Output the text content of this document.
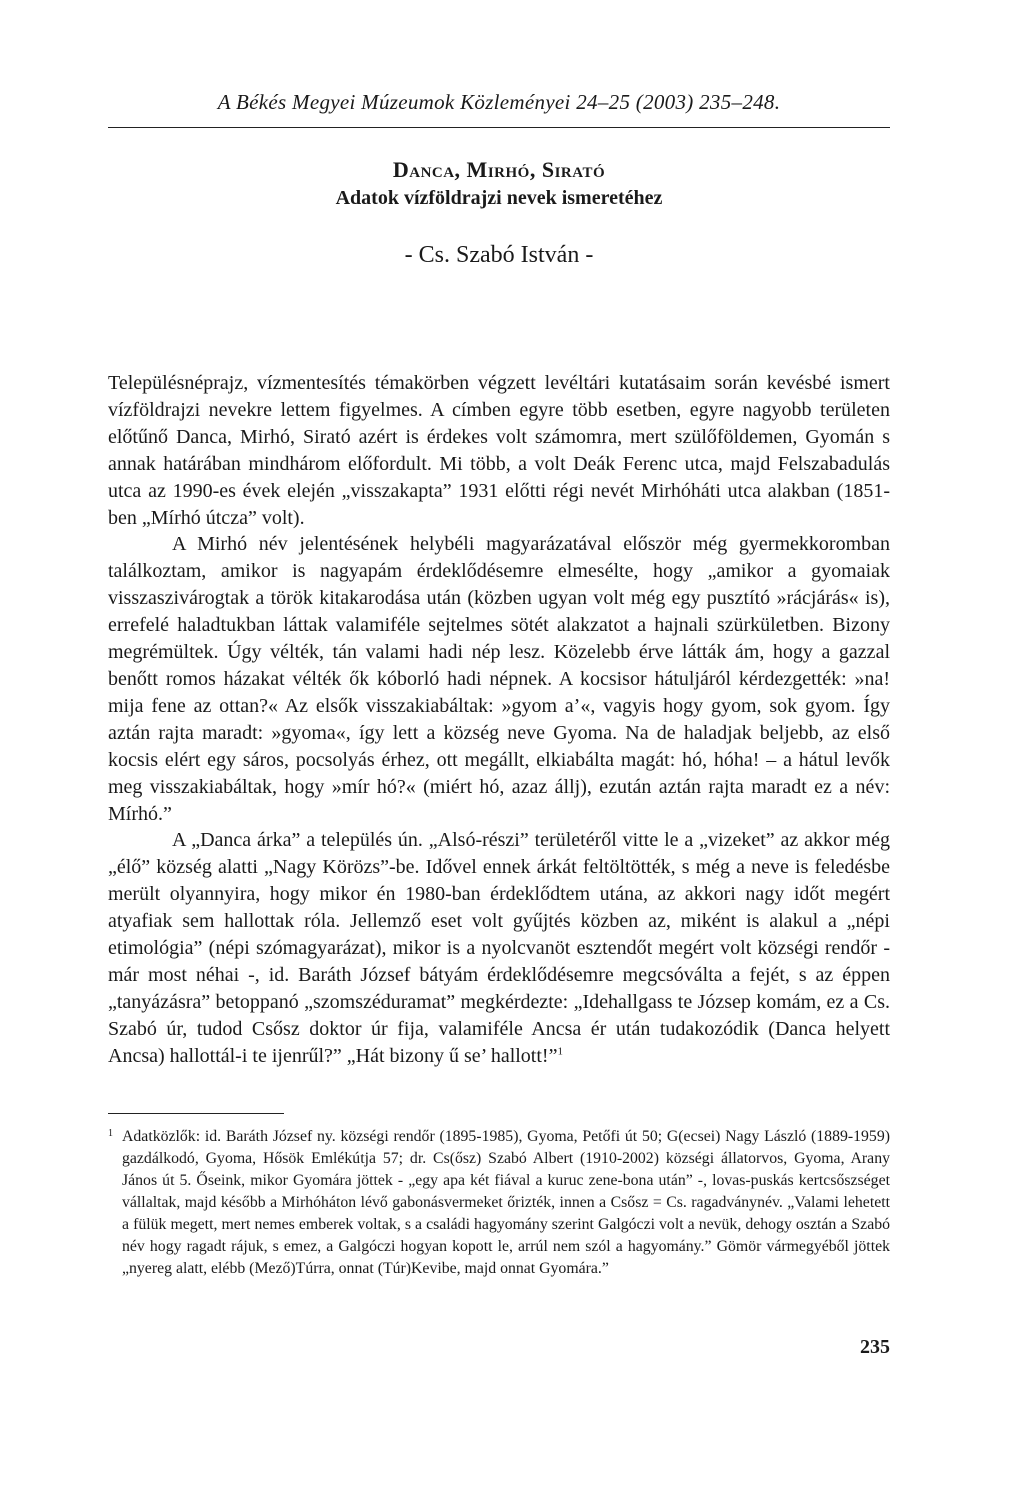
A Békés Megyei Múzeumok Közleményei 24–25 (2003) 235–248.
Danca, Mirhó, Sirató
Adatok vízföldrajzi nevek ismeretéhez
- Cs. Szabó István -

Településnéprajz, vízmentesítés témakörben végzett levéltári kutatásaim során kevésbé ismert vízföldrajzi nevekre lettem figyelmes. A címben egyre több esetben, egyre nagyobb területen előtűnő Danca, Mirhó, Sirató azért is érdekes volt számomra, mert szülőföldemen, Gyomán s annak határában mindhárom előfordult. Mi több, a volt Deák Ferenc utca, majd Felszabadulás utca az 1990-es évek elején „visszakapta” 1931 előtti régi nevét Mirhóháti utca alakban (1851-ben „Mírhó útcza” volt).

A Mirhó név jelentésének helybéli magyarázatával először még gyermekkoromban találkoztam, amikor is nagyapám érdeklődésemre elmesélte, hogy „amikor a gyomaiak visszaszivárogtak a török kitakarodása után (közben ugyan volt még egy pusztító »rácjárás« is), errefelé haladtukban láttak valamiféle sejtelmes sötét alakzatot a hajnali szürkületben. Bizony megrémültek. Úgy vélték, tán valami hadi nép lesz. Közelebb érve látták ám, hogy a gazzal benőtt romos házakat vélték ők kóborló hadi népnek. A kocsisor hátuljáról kérdezgették: »na! mija fene az ottan?« Az elsők visszakiabáltak: »gyom a’«, vagyis hogy gyom, sok gyom. Így aztán rajta maradt: »gyoma«, így lett a község neve Gyoma. Na de haladjak beljebb, az első kocsis elért egy sáros, pocsolyás érhez, ott megállt, elkiabálta magát: hó, hóha! – a hátul levők meg visszakiabáltak, hogy »mír hó?« (miért hó, azaz állj), ezután aztán rajta maradt ez a név: Mírhó.”

A „Danca árka” a település ún. „Alsó-részi” területéről vitte le a „vizeket” az akkor még „élő” község alatti „Nagy Körözs”-be. Idővel ennek árkát feltöltötték, s még a neve is feledésbe merült olyannyira, hogy mikor én 1980-ban érdeklődtem utána, az akkori nagy időt megért atyafiak sem hallottak róla. Jellemző eset volt gyűjtés közben az, miként is alakul a „népi etimológia” (népi szómagyarázat), mikor is a nyolcvanöt esztendőt megért volt községi rendőr - már most néhai -, id. Baráth József bátyám érdeklődésemre megcsóválta a fejét, s az éppen „tanyázásra” betoppanó „szomszéduramat” megkérdezte: „Idehallgass te Józsep komám, ez a Cs. Szabó úr, tudod Csősz doktor úr fija, valamiféle Ancsa ér után tudakozódik (Danca helyett Ancsa) hallottál-i te ijenrűl?” „Hát bizony ű se’ hallott!”$^1$

1 Adatközlők: id. Baráth József ny. községi rendőr (1895-1985), Gyoma, Petőfi út 50; G(ecsei) Nagy László (1889-1959) gazdálkodó, Gyoma, Hősök Emlékútja 57; dr. Cs(ősz) Szabó Albert (1910-2002) községi állatorvos, Gyoma, Arany János út 5. Őseink, mikor Gyomára jöttek - „egy apa két fiával a kuruc zene-bona után” -, lovas-puskás kertcsőszséget vállaltak, majd később a Mirhóháton lévő gabonásvermeket őrizték, innen a Csősz = Cs. ragadványnév. „Valami lehetett a fülük megett, mert nemes emberek voltak, s a családi hagyomány szerint Galgóczi volt a nevük, dehogy osztán a Szabó név hogy ragadt rájuk, s emez, a Galgóczi hogyan kopott le, arrúl nem szól a hagyomány.” Gömör vármegyéből jöttek „nyereg alatt, elébb (Mező)Túrra, onnat (Túr)Kevibe, majd onnat Gyomára.”
235
